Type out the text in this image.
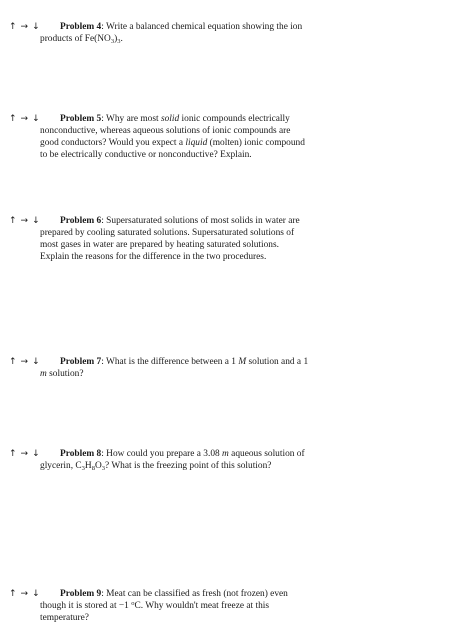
↑ → ↓	Problem 4: Write a balanced chemical equation showing the ion products of $Fe(NO_3)_3$.
↑ → ↓	Problem 5: Why are most solid ionic compounds electrically nonconductive, whereas aqueous solutions of ionic compounds are good conductors? Would you expect a liquid (molten) ionic compound to be electrically conductive or nonconductive? Explain.
↑ → ↓	Problem 6: Supersaturated solutions of most solids in water are prepared by cooling saturated solutions. Supersaturated solutions of most gases in water are prepared by heating saturated solutions. Explain the reasons for the difference in the two procedures.
↑ → ↓	Problem 7: What is the difference between a 1 M solution and a 1 m solution?
↑ → ↓	Problem 8: How could you prepare a 3.08 m aqueous solution of glycerin, $C_3H_8O_3$? What is the freezing point of this solution?
↑ → ↓	Problem 9: Meat can be classified as fresh (not frozen) even though it is stored at −1 $^o$C. Why wouldn't meat freeze at this temperature?
